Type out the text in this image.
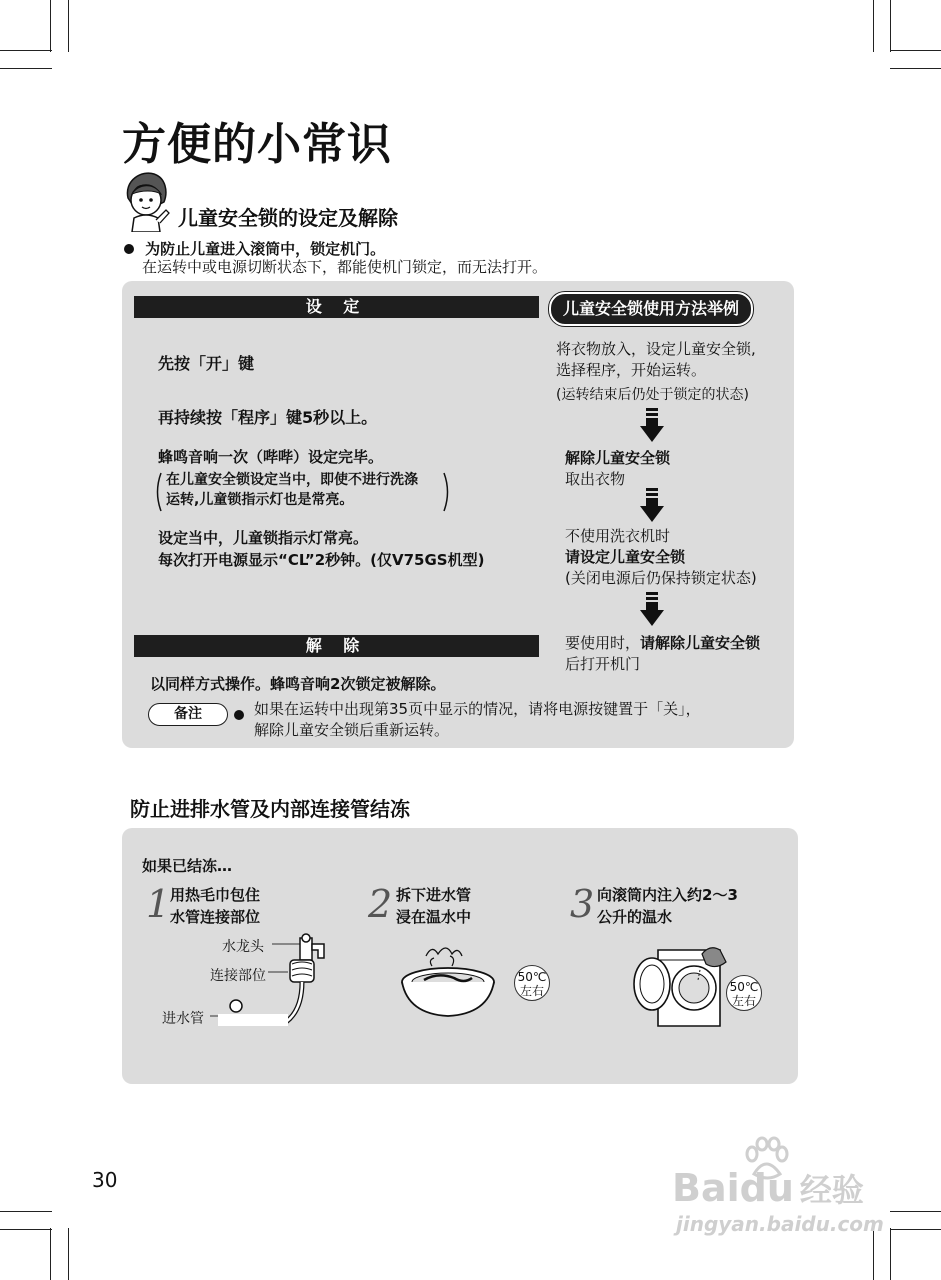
方便的小常识
儿童安全锁的设定及解除
为防止儿童进入滚筒中，锁定机门。
在运转中或电源切断状态下，都能使机门锁定，而无法打开。
设 定	儿童安全锁使用方法举例
先按「开」键
再持续按「程序」键5秒以上。
蜂鸣音响一次（哔哔）设定完毕。
在儿童安全锁设定当中，即使不进行洗涤
运转,儿童锁指示灯也是常亮。
设定当中，儿童锁指示灯常亮。
每次打开电源显示“CL”2秒钟。(仅V75GS机型)
解 除
以同样方式操作。蜂鸣音响2次锁定被解除。
备注	如果在运转中出现第35页中显示的情况，请将电源按键置于「关」，
解除儿童安全锁后重新运转。
将衣物放入，设定儿童安全锁,
选择程序，开始运转。
(运转结束后仍处于锁定的状态)
解除儿童安全锁
取出衣物
不使用洗衣机时
请设定儿童安全锁
(关闭电源后仍保持锁定状态)
要使用时，请解除儿童安全锁
后打开机门
防止进排水管及内部连接管结冻
如果已结冻…
1 用热毛巾包住
水管连接部位	2 拆下进水管
浸在温水中	3 向滚筒内注入约2～3
公升的温水
水龙头
连接部位
进水管
50℃
左右	50℃
左右
30	Baidu 经验
jingyan.baidu.com
